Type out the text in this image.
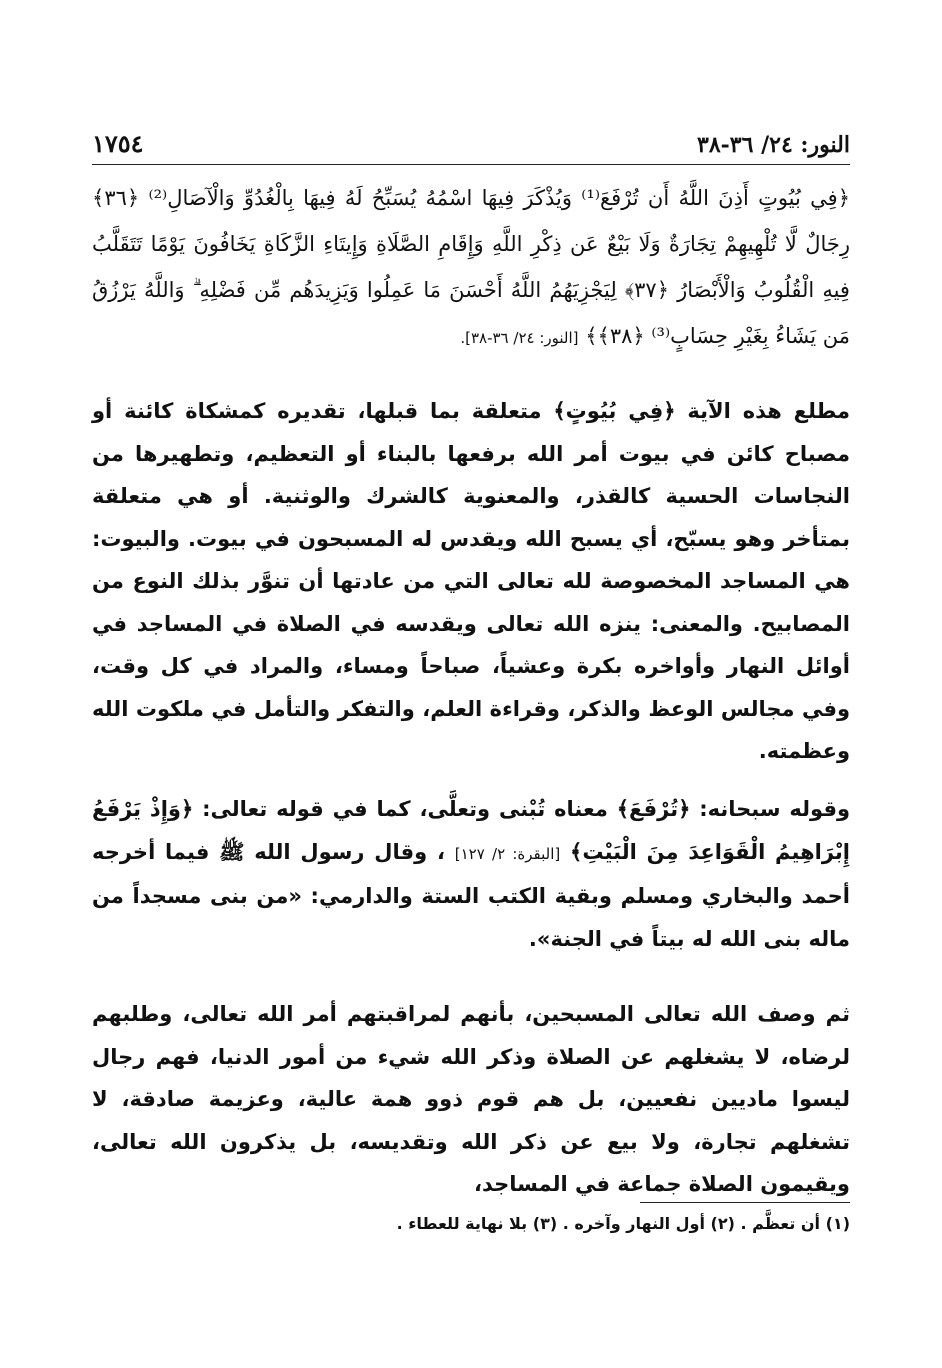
النور: ٢٤/ ٣٦-٣٨
١٧٥٤
﴿فِي بُيُوتٍ أَذِنَ اللَّهُ أَن تُرْفَعَ⁽¹⁾ وَيُذْكَرَ فِيهَا اسْمُهُ يُسَبِّحُ لَهُ فِيهَا بِالْغُدُوِّ وَالْآصَالِ⁽²⁾ ﴿٣٦﴾ رِجَالٌ لَّا تُلْهِيهِمْ تِجَارَةٌ وَلَا بَيْعٌ عَن ذِكْرِ اللَّهِ وَإِقَامِ الصَّلَاةِ وَإِيتَاءِ الزَّكَاةِ يَخَافُونَ يَوْمًا تَتَقَلَّبُ فِيهِ الْقُلُوبُ وَالْأَبْصَارُ ﴿٣٧﴾ لِيَجْزِيَهُمُ اللَّهُ أَحْسَنَ مَا عَمِلُوا وَيَزِيدَهُم مِّن فَضْلِهِ ۗ وَاللَّهُ يَرْزُقُ مَن يَشَاءُ بِغَيْرِ حِسَابٍ⁽³⁾ ﴿٣٨﴾﴾ [النور: ٢٤/ ٣٦-٣٨].

مطلع هذه الآية ﴿فِي بُيُوتٍ﴾ متعلقة بما قبلها، تقديره كمشكاة كائنة أو مصباح كائن في بيوت أمر الله برفعها بالبناء أو التعظيم، وتطهيرها من النجاسات الحسية كالقذر، والمعنوية كالشرك والوثنية. أو هي متعلقة بمتأخر وهو يسبّح، أي يسبح الله ويقدس له المسبحون في بيوت. والبيوت: هي المساجد المخصوصة لله تعالى التي من عادتها أن تنوَّر بذلك النوع من المصابيح. والمعنى: ينزه الله تعالى ويقدسه في الصلاة في المساجد في أوائل النهار وأواخره بكرة وعشياً، صباحاً ومساء، والمراد في كل وقت، وفي مجالس الوعظ والذكر، وقراءة العلم، والتفكر والتأمل في ملكوت الله وعظمته.

وقوله سبحانه: ﴿تُرْفَعَ﴾ معناه تُبْنى وتعلَّى، كما في قوله تعالى: ﴿وَإِذْ يَرْفَعُ إِبْرَاهِيمُ الْقَوَاعِدَ مِنَ الْبَيْتِ﴾ [البقرة: ٢/ ١٢٧] ، وقال رسول الله ﷺ فيما أخرجه أحمد والبخاري ومسلم وبقية الكتب الستة والدارمي: «من بنى مسجداً من ماله بنى الله له بيتاً في الجنة».

ثم وصف الله تعالى المسبحين، بأنهم لمراقبتهم أمر الله تعالى، وطلبهم لرضاه، لا يشغلهم عن الصلاة وذكر الله شيء من أمور الدنيا، فهم رجال ليسوا ماديين نفعيين، بل هم قوم ذوو همة عالية، وعزيمة صادقة، لا تشغلهم تجارة، ولا بيع عن ذكر الله وتقديسه، بل يذكرون الله تعالى، ويقيمون الصلاة جماعة في المساجد،

(١) أن تعظَّم . (٢) أول النهار وآخره . (٣) بلا نهاية للعطاء .
